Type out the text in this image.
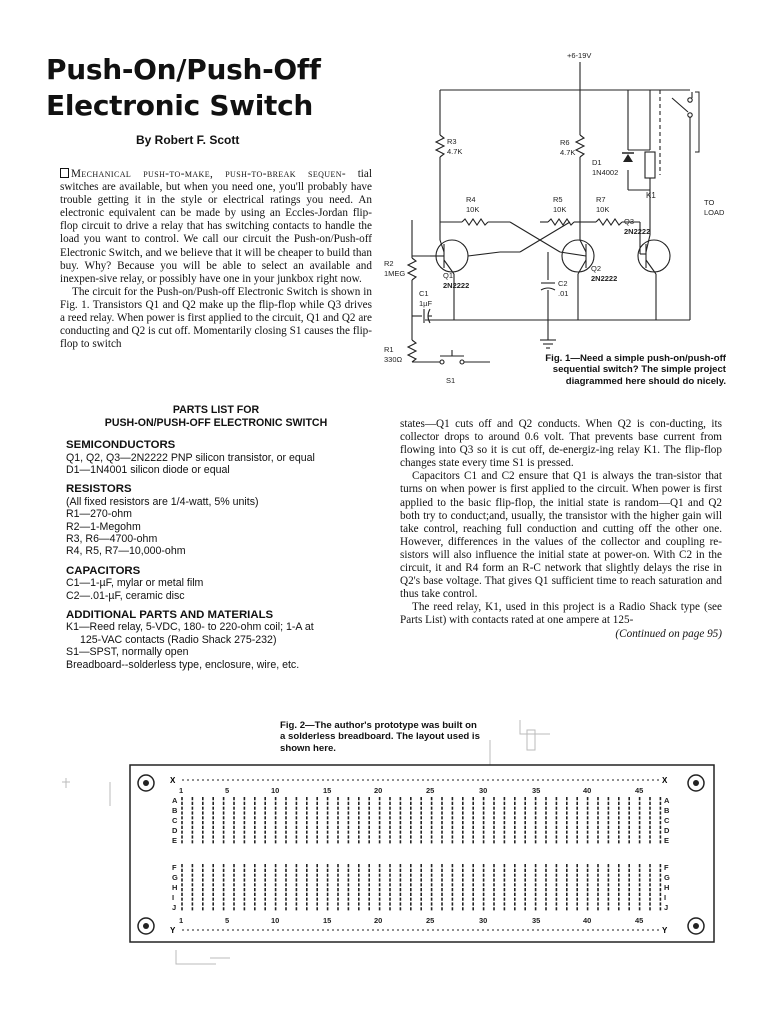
Push-On/Push-Off
Electronic Switch
By Robert F. Scott

Mechanical push-to-make, push-to-break sequen- tial switches are available, but when you need one, you'll probably have trouble getting it in the style or electrical ratings you need. An electronic equivalent can be made by using an Eccles-Jordan flip-flop circuit to drive a relay that has switching contacts to handle the load you want to control. We call our circuit the Push-on/Push-off Electronic Switch, and we believe that it will be cheaper to build than buy. Why? Because you will be able to select an available and inexpen-sive relay, or possibly have one in your junkbox right now.

The circuit for the Push-on/Push-off Electronic Switch is shown in Fig. 1. Transistors Q1 and Q2 make up the flip-flop while Q3 drives a reed relay. When power is first applied to the circuit, Q1 and Q2 are conducting and Q2 is cut off. Momentarily closing S1 causes the flip-flop to switch

states—Q1 cuts off and Q2 conducts. When Q2 is con-ducting, its collector drops to around 0.6 volt. That prevents base current from flowing into Q3 so it is cut off, de-energiz-ing relay K1. The flip-flop changes state every time S1 is pressed.

Capacitors C1 and C2 ensure that Q1 is always the tran-sistor that turns on when power is first applied to the circuit. When power is first applied to the basic flip-flop, the initial state is random—Q1 and Q2 both try to conduct;and, usually, the transistor with the higher gain will take control, reaching full conduction and cutting off the other one. However, differences in the values of the collector and coupling re-sistors will also influence the initial state at power-on. With C2 in the circuit, it and R4 form an R-C network that slightly delays the rise in Q2's base voltage. That gives Q1 sufficient time to reach saturation and thus take control.

The reed relay, K1, used in this project is a Radio Shack type (see Parts List) with contacts rated at one ampere at 125-

(Continued on page 95)

PARTS LIST FOR
PUSH-ON/PUSH-OFF ELECTRONIC SWITCH
SEMICONDUCTORS
Q1, Q2, Q3—2N2222 PNP silicon transistor, or equal
D1—1N4001 silicon diode or equal
RESISTORS
(All fixed resistors are 1/4-watt, 5% units)
R1—270-ohm
R2—1-Megohm
R3, R6—4700-ohm
R4, R5, R7—10,000-ohm
CAPACITORS
C1—1-µF, mylar or metal film
C2—.01-µF, ceramic disc
ADDITIONAL PARTS AND MATERIALS
K1—Reed relay, 5-VDC, 180- to 220-ohm coil; 1-A at
125-VAC contacts (Radio Shack 275-232)
S1—SPST, normally open
Breadboard--solderless type, enclosure, wire, etc.
K1
+6-19V
R3
4.7K
R6
4.7K
D1
1N4002
R4
10K
R5
10K
R7
10K
Q3
2N2222
Q1
2N2222
Q2
2N2222
R2
1MEG
C1
1µF
C2
.01
R1
330Ω
S1
TO
LOAD
Fig. 1—Need a simple push-on/push-off sequential switch? The simple project diagrammed here should do nicely.
Fig. 2—The author's prototype was built on a solderless breadboard. The layout used is shown here.
X	X
Y	Y
1	5	10	15	20	25	30	35	40	45
1	5	10	15	20	25	30	35	40	45
A
B
C
D
E
A
B
C
D
E
F
G
H
I
J
F
G
H
I
J
